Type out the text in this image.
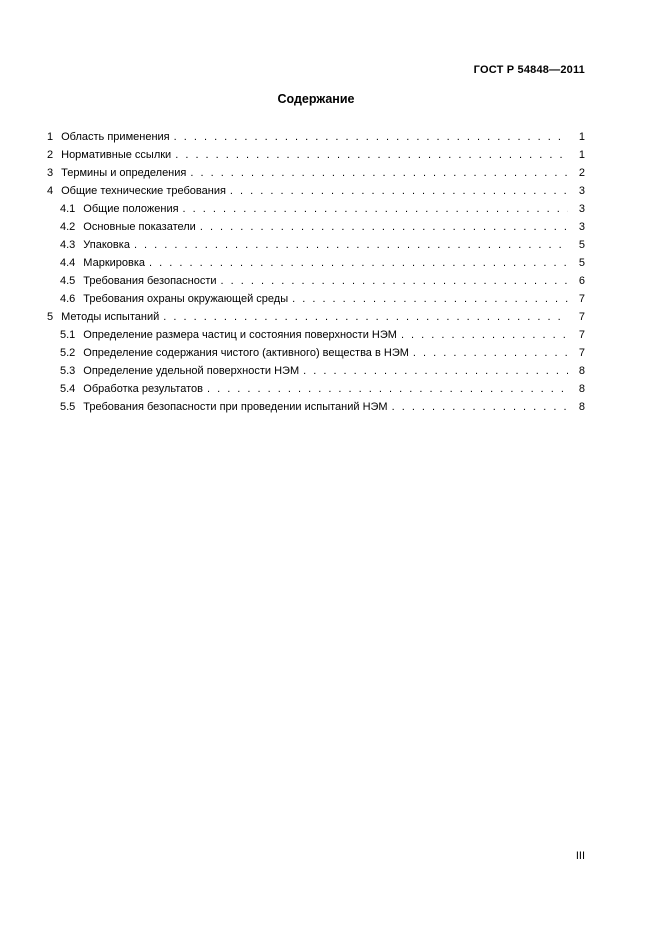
ГОСТ Р 54848—2011
Содержание
1 Область применения . . .	1
2 Нормативные ссылки . . .	1
3 Термины и определения . . .	2
4 Общие технические требования . . .	3
4.1 Общие положения . . .	3
4.2 Основные показатели . . .	3
4.3 Упаковка . . .	5
4.4 Маркировка . . .	5
4.5 Требования безопасности . . .	6
4.6 Требования охраны окружающей среды . . .	7
5 Методы испытаний . . .	7
5.1 Определение размера частиц и состояния поверхности НЭМ . . .	7
5.2 Определение содержания чистого (активного) вещества в НЭМ . . .	7
5.3 Определение удельной поверхности НЭМ . . .	8
5.4 Обработка результатов . . .	8
5.5 Требования безопасности при проведении испытаний НЭМ . . .	8
III
